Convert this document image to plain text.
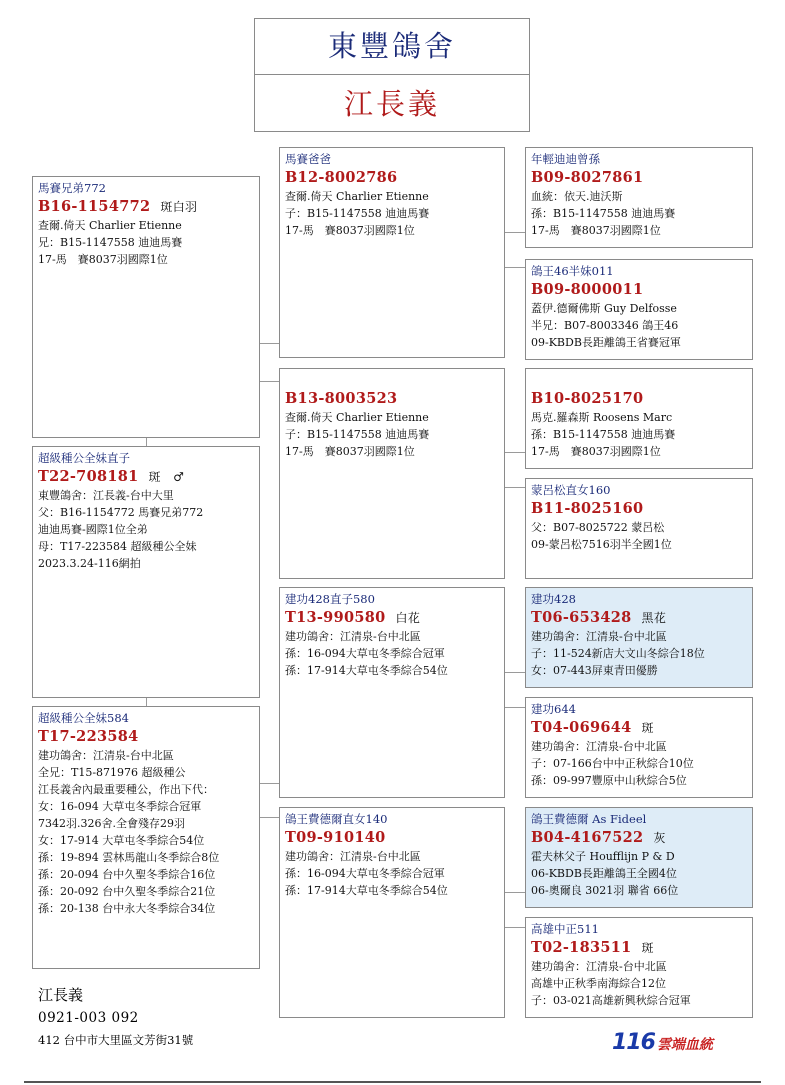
東豐鴿舍
江長義
馬賽兄弟772
B16-1154772 斑白羽
查爾.倚天 Charlier Etienne
兄：B15-1147558 迪迪馬賽
17-馬　賽8037羽國際1位
超級種公全妹直子
T22-708181 斑　♂
東豐鴿舍：江長義-台中大里
父：B16-1154772 馬賽兄弟772
迪迪馬賽-國際1位全弟
母：T17-223584 超級種公全妹
2023.3.24-116網拍
超級種公全妹584
T17-223584
建功鴿舍：江清泉-台中北區
全兄：T15-871976 超級種公
江長義舍內最重要種公，作出下代：
女：16-094 大草屯冬季綜合冠軍
7342羽.326舍.全會殘存29羽
女：17-914 大草屯冬季綜合54位
孫：19-894 雲林馬龍山冬季綜合8位
孫：20-094 台中久聖冬季綜合16位
孫：20-092 台中久聖冬季綜合21位
孫：20-138 台中永大冬季綜合34位
馬賽爸爸
B12-8002786
查爾.倚天 Charlier Etienne
子：B15-1147558 迪迪馬賽
17-馬　賽8037羽國際1位
B13-8003523
查爾.倚天 Charlier Etienne
子：B15-1147558 迪迪馬賽
17-馬　賽8037羽國際1位
建功428直子580
T13-990580 白花
建功鴿舍：江清泉-台中北區
孫：16-094大草屯冬季綜合冠軍
孫：17-914大草屯冬季綜合54位
鴿王費德爾直女140
T09-910140
建功鴿舍：江清泉-台中北區
孫：16-094大草屯冬季綜合冠軍
孫：17-914大草屯冬季綜合54位
年輕迪迪曾孫
B09-8027861
血統：依天.迪沃斯
孫：B15-1147558 迪迪馬賽
17-馬　賽8037羽國際1位
鴿王46半妹011
B09-8000011
蓋伊.德爾佛斯 Guy Delfosse
半兄：B07-8003346 鴿王46
09-KBDB長距離鴿王省賽冠軍
B10-8025170
馬克.羅森斯 Roosens Marc
孫：B15-1147558 迪迪馬賽
17-馬　賽8037羽國際1位
蒙呂松直女160
B11-8025160
父：B07-8025722 蒙呂松
09-蒙呂松7516羽半全國1位
建功428
T06-653428 黑花
建功鴿舍：江清泉-台中北區
子：11-524新店大文山冬綜合18位
女：07-443屏東青田優勝
建功644
T04-069644 斑
建功鴿舍：江清泉-台中北區
子：07-166台中中正秋綜合10位
孫：09-997豐原中山秋綜合5位
鴿王費德爾 As Fideel
B04-4167522 灰
霍夫林父子 Houfflijn P & D
06-KBDB長距離鴿王全國4位
06-奧爾良 3021羽 聯省 66位
高雄中正511
T02-183511 斑
建功鴿舍：江清泉-台中北區
高雄中正秋季南海綜合12位
子：03-021高雄新興秋綜合冠軍
江長義
0921-003 092
412 台中市大里區文芳街31號	116 雲端血統
